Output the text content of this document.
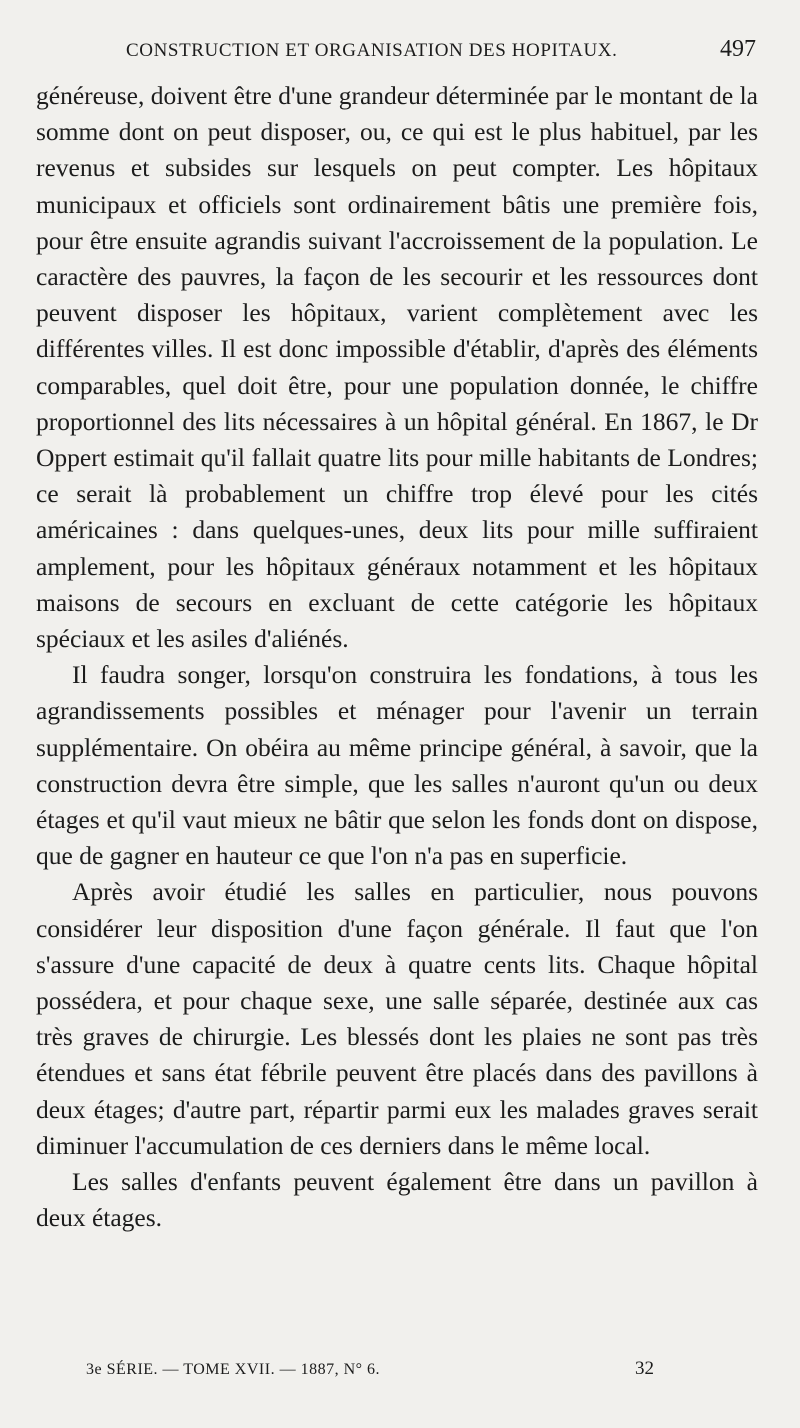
CONSTRUCTION ET ORGANISATION DES HOPITAUX.	497

généreuse, doivent être d'une grandeur déterminée par le montant de la somme dont on peut disposer, ou, ce qui est le plus habituel, par les revenus et subsides sur lesquels on peut compter. Les hôpitaux municipaux et officiels sont ordinairement bâtis une première fois, pour être ensuite agrandis suivant l'accroissement de la population. Le caractère des pauvres, la façon de les secourir et les ressources dont peuvent disposer les hôpitaux, varient complètement avec les différentes villes. Il est donc impossible d'établir, d'après des éléments comparables, quel doit être, pour une population donnée, le chiffre proportionnel des lits nécessaires à un hôpital général. En 1867, le Dr Oppert estimait qu'il fallait quatre lits pour mille habitants de Londres; ce serait là probablement un chiffre trop élevé pour les cités américaines : dans quelques-unes, deux lits pour mille suffiraient amplement, pour les hôpitaux généraux notamment et les hôpitaux maisons de secours en excluant de cette catégorie les hôpitaux spéciaux et les asiles d'aliénés.

Il faudra songer, lorsqu'on construira les fondations, à tous les agrandissements possibles et ménager pour l'avenir un terrain supplémentaire. On obéira au même principe général, à savoir, que la construction devra être simple, que les salles n'auront qu'un ou deux étages et qu'il vaut mieux ne bâtir que selon les fonds dont on dispose, que de gagner en hauteur ce que l'on n'a pas en superficie.

Après avoir étudié les salles en particulier, nous pouvons considérer leur disposition d'une façon générale. Il faut que l'on s'assure d'une capacité de deux à quatre cents lits. Chaque hôpital possédera, et pour chaque sexe, une salle séparée, destinée aux cas très graves de chirurgie. Les blessés dont les plaies ne sont pas très étendues et sans état fébrile peuvent être placés dans des pavillons à deux étages; d'autre part, répartir parmi eux les malades graves serait diminuer l'accumulation de ces derniers dans le même local.

Les salles d'enfants peuvent également être dans un pavillon à deux étages.

3e SÉRIE. — TOME XVII. — 1887, N° 6.	32
